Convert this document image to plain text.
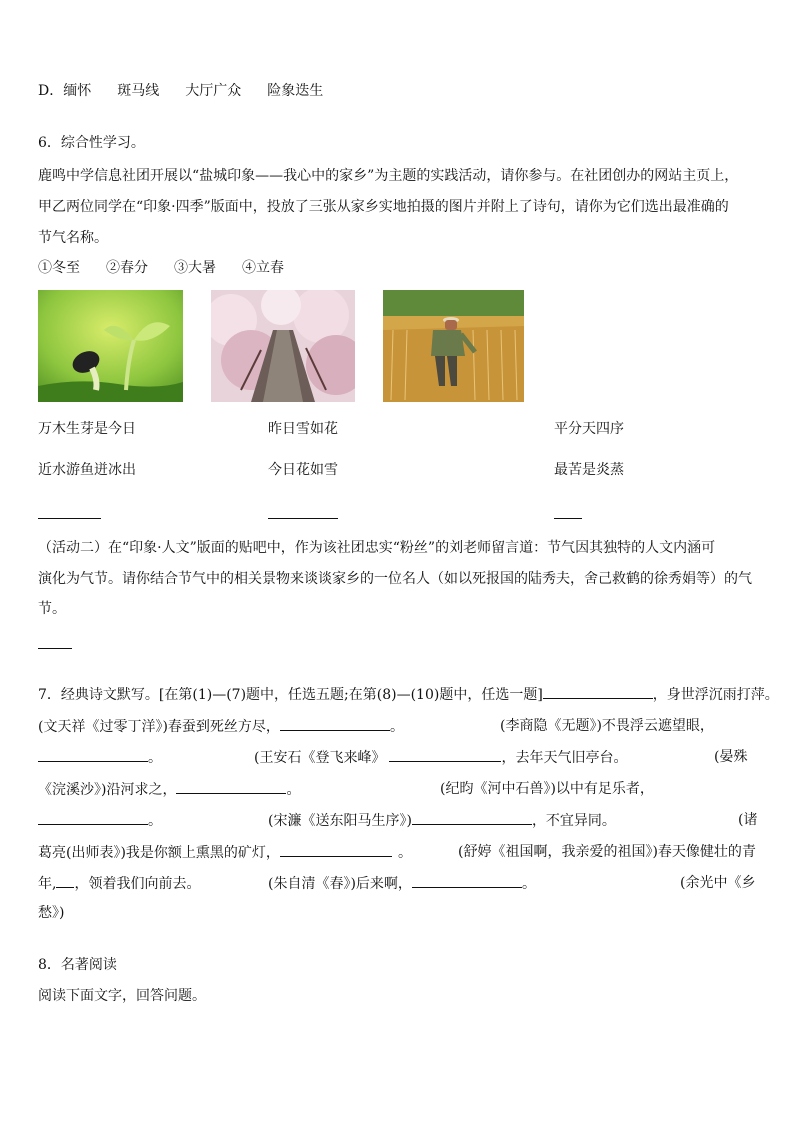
D．缅怀 斑马线 大厅广众 险象迭生
6．综合性学习。
鹿鸣中学信息社团开展以“盐城印象——我心中的家乡”为主题的实践活动，请你参与。在社团创办的网站主页上，
甲乙两位同学在“印象·四季”版面中，投放了三张从家乡实地拍摄的图片并附上了诗句，请你为它们选出最准确的
节气名称。
①冬至 ②春分 ③大暑 ④立春
万木生芽是今日
近水游鱼迸冰出
昨日雪如花
今日花如雪
平分天四序
最苦是炎蒸
（活动二）在“印象·人文”版面的贴吧中，作为该社团忠实“粉丝”的刘老师留言道：节气因其独特的人文内涵可
演化为气节。请你结合节气中的相关景物来谈谈家乡的一位名人（如以死报国的陆秀夫，舍己救鹤的徐秀娟等）的气
节。
7．经典诗文默写。[在第(1)—(7)题中，任选五题;在第(8)—(10)题中，任选一题]	，身世浮沉雨打萍。
(文天祥《过零丁洋》)春蚕到死丝方尽，	。	(李商隐《无题》)不畏浮云遮望眼，
。	(王安石《登飞来峰》	，去年天气旧亭台。	(晏殊
《浣溪沙》)沿河求之，	。	(纪昀《河中石兽》)以中有足乐者，
。	(宋濂《送东阳马生序》)	，不宜异同。	(诸
葛亮(出师表》)我是你额上熏黑的矿灯，	。	(舒婷《祖国啊，我亲爱的祖国》)春天像健壮的青
年, ，领着我们向前去。	(朱自清《春》)后来啊，	。	(余光中《乡
愁》)
8．名著阅读
阅读下面文字，回答问题。
